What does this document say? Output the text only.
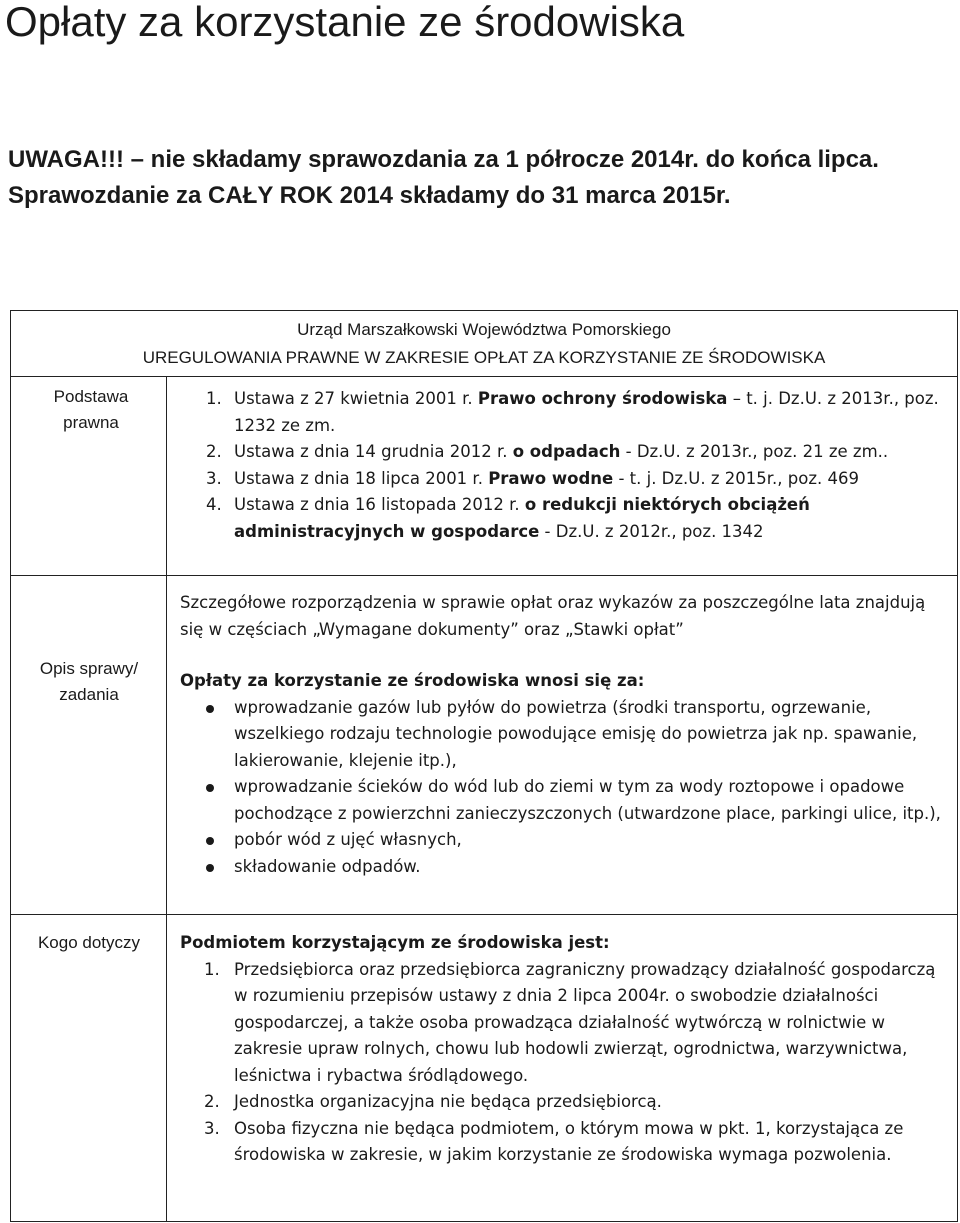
Opłaty za korzystanie ze środowiska

UWAGA!!! – nie składamy sprawozdania za 1 półrocze 2014r. do końca lipca. Sprawozdanie za CAŁY ROK 2014 składamy do 31 marca 2015r.

Urząd Marszałkowski Województwa Pomorskiego

UREGULOWANIA PRAWNE W ZAKRESIE OPŁAT ZA KORZYSTANIE ZE ŚRODOWISKA

Podstawa prawna

1. Ustawa z 27 kwietnia 2001 r. Prawo ochrony środowiska – t. j. Dz.U. z 2013r., poz. 1232 ze zm.
2. Ustawa z dnia 14 grudnia 2012 r. o odpadach - Dz.U. z 2013r., poz. 21 ze zm..
3. Ustawa z dnia 18 lipca 2001 r. Prawo wodne - t. j. Dz.U. z 2015r., poz. 469
4. Ustawa z dnia 16 listopada 2012 r. o redukcji niektórych obciążeń administracyjnych w gospodarce - Dz.U. z 2012r., poz. 1342

Opis sprawy/ zadania

Szczegółowe rozporządzenia w sprawie opłat oraz wykazów za poszczególne lata znajdują się w częściach „Wymagane dokumenty” oraz „Stawki opłat”

Opłaty za korzystanie ze środowiska wnosi się za:

wprowadzanie gazów lub pyłów do powietrza (środki transportu, ogrzewanie, wszelkiego rodzaju technologie powodujące emisję do powietrza jak np. spawanie, lakierowanie, klejenie itp.),
wprowadzanie ścieków do wód lub do ziemi w tym za wody roztopowe i opadowe pochodzące z powierzchni zanieczyszczonych (utwardzone place, parkingi ulice, itp.),
pobór wód z ujęć własnych,
składowanie odpadów.

Kogo dotyczy	Podmiotem korzystającym ze środowiska jest:

1. Przedsiębiorca oraz przedsiębiorca zagraniczny prowadzący działalność gospodarczą w rozumieniu przepisów ustawy z dnia 2 lipca 2004r. o swobodzie działalności gospodarczej, a także osoba prowadząca działalność wytwórczą w rolnictwie w zakresie upraw rolnych, chowu lub hodowli zwierząt, ogrodnictwa, warzywnictwa, leśnictwa i rybactwa śródlądowego.
2. Jednostka organizacyjna nie będąca przedsiębiorcą.
3. Osoba fizyczna nie będąca podmiotem, o którym mowa w pkt. 1, korzystająca ze środowiska w zakresie, w jakim korzystanie ze środowiska wymaga pozwolenia.
